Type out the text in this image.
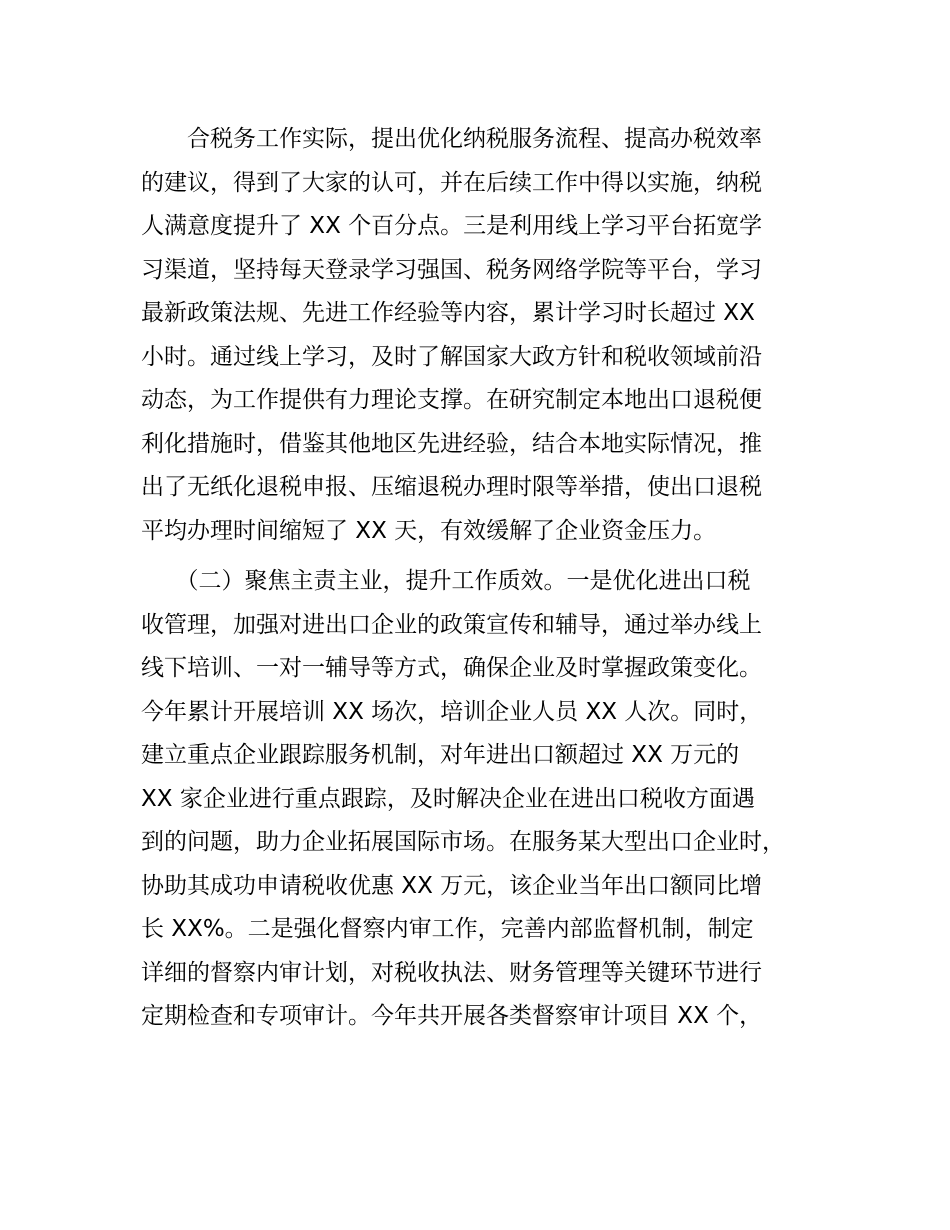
　　合税务工作实际，提出优化纳税服务流程、提高办税效率
的建议，得到了大家的认可，并在后续工作中得以实施，纳税
人满意度提升了 XX 个百分点。三是利用线上学习平台拓宽学
习渠道，坚持每天登录学习强国、税务网络学院等平台，学习
最新政策法规、先进工作经验等内容，累计学习时长超过 XX
小时。通过线上学习，及时了解国家大政方针和税收领域前沿
动态，为工作提供有力理论支撑。在研究制定本地出口退税便
利化措施时，借鉴其他地区先进经验，结合本地实际情况，推
出了无纸化退税申报、压缩退税办理时限等举措，使出口退税
平均办理时间缩短了 XX 天，有效缓解了企业资金压力。

　　（二）聚焦主责主业，提升工作质效。一是优化进出口税
收管理，加强对进出口企业的政策宣传和辅导，通过举办线上
线下培训、一对一辅导等方式，确保企业及时掌握政策变化。
今年累计开展培训 XX 场次，培训企业人员 XX 人次。同时，
建立重点企业跟踪服务机制，对年进出口额超过 XX 万元的
XX 家企业进行重点跟踪，及时解决企业在进出口税收方面遇
到的问题，助力企业拓展国际市场。在服务某大型出口企业时，
协助其成功申请税收优惠 XX 万元，该企业当年出口额同比增
长 XX%。二是强化督察内审工作，完善内部监督机制，制定
详细的督察内审计划，对税收执法、财务管理等关键环节进行
定期检查和专项审计。今年共开展各类督察审计项目 XX 个，
